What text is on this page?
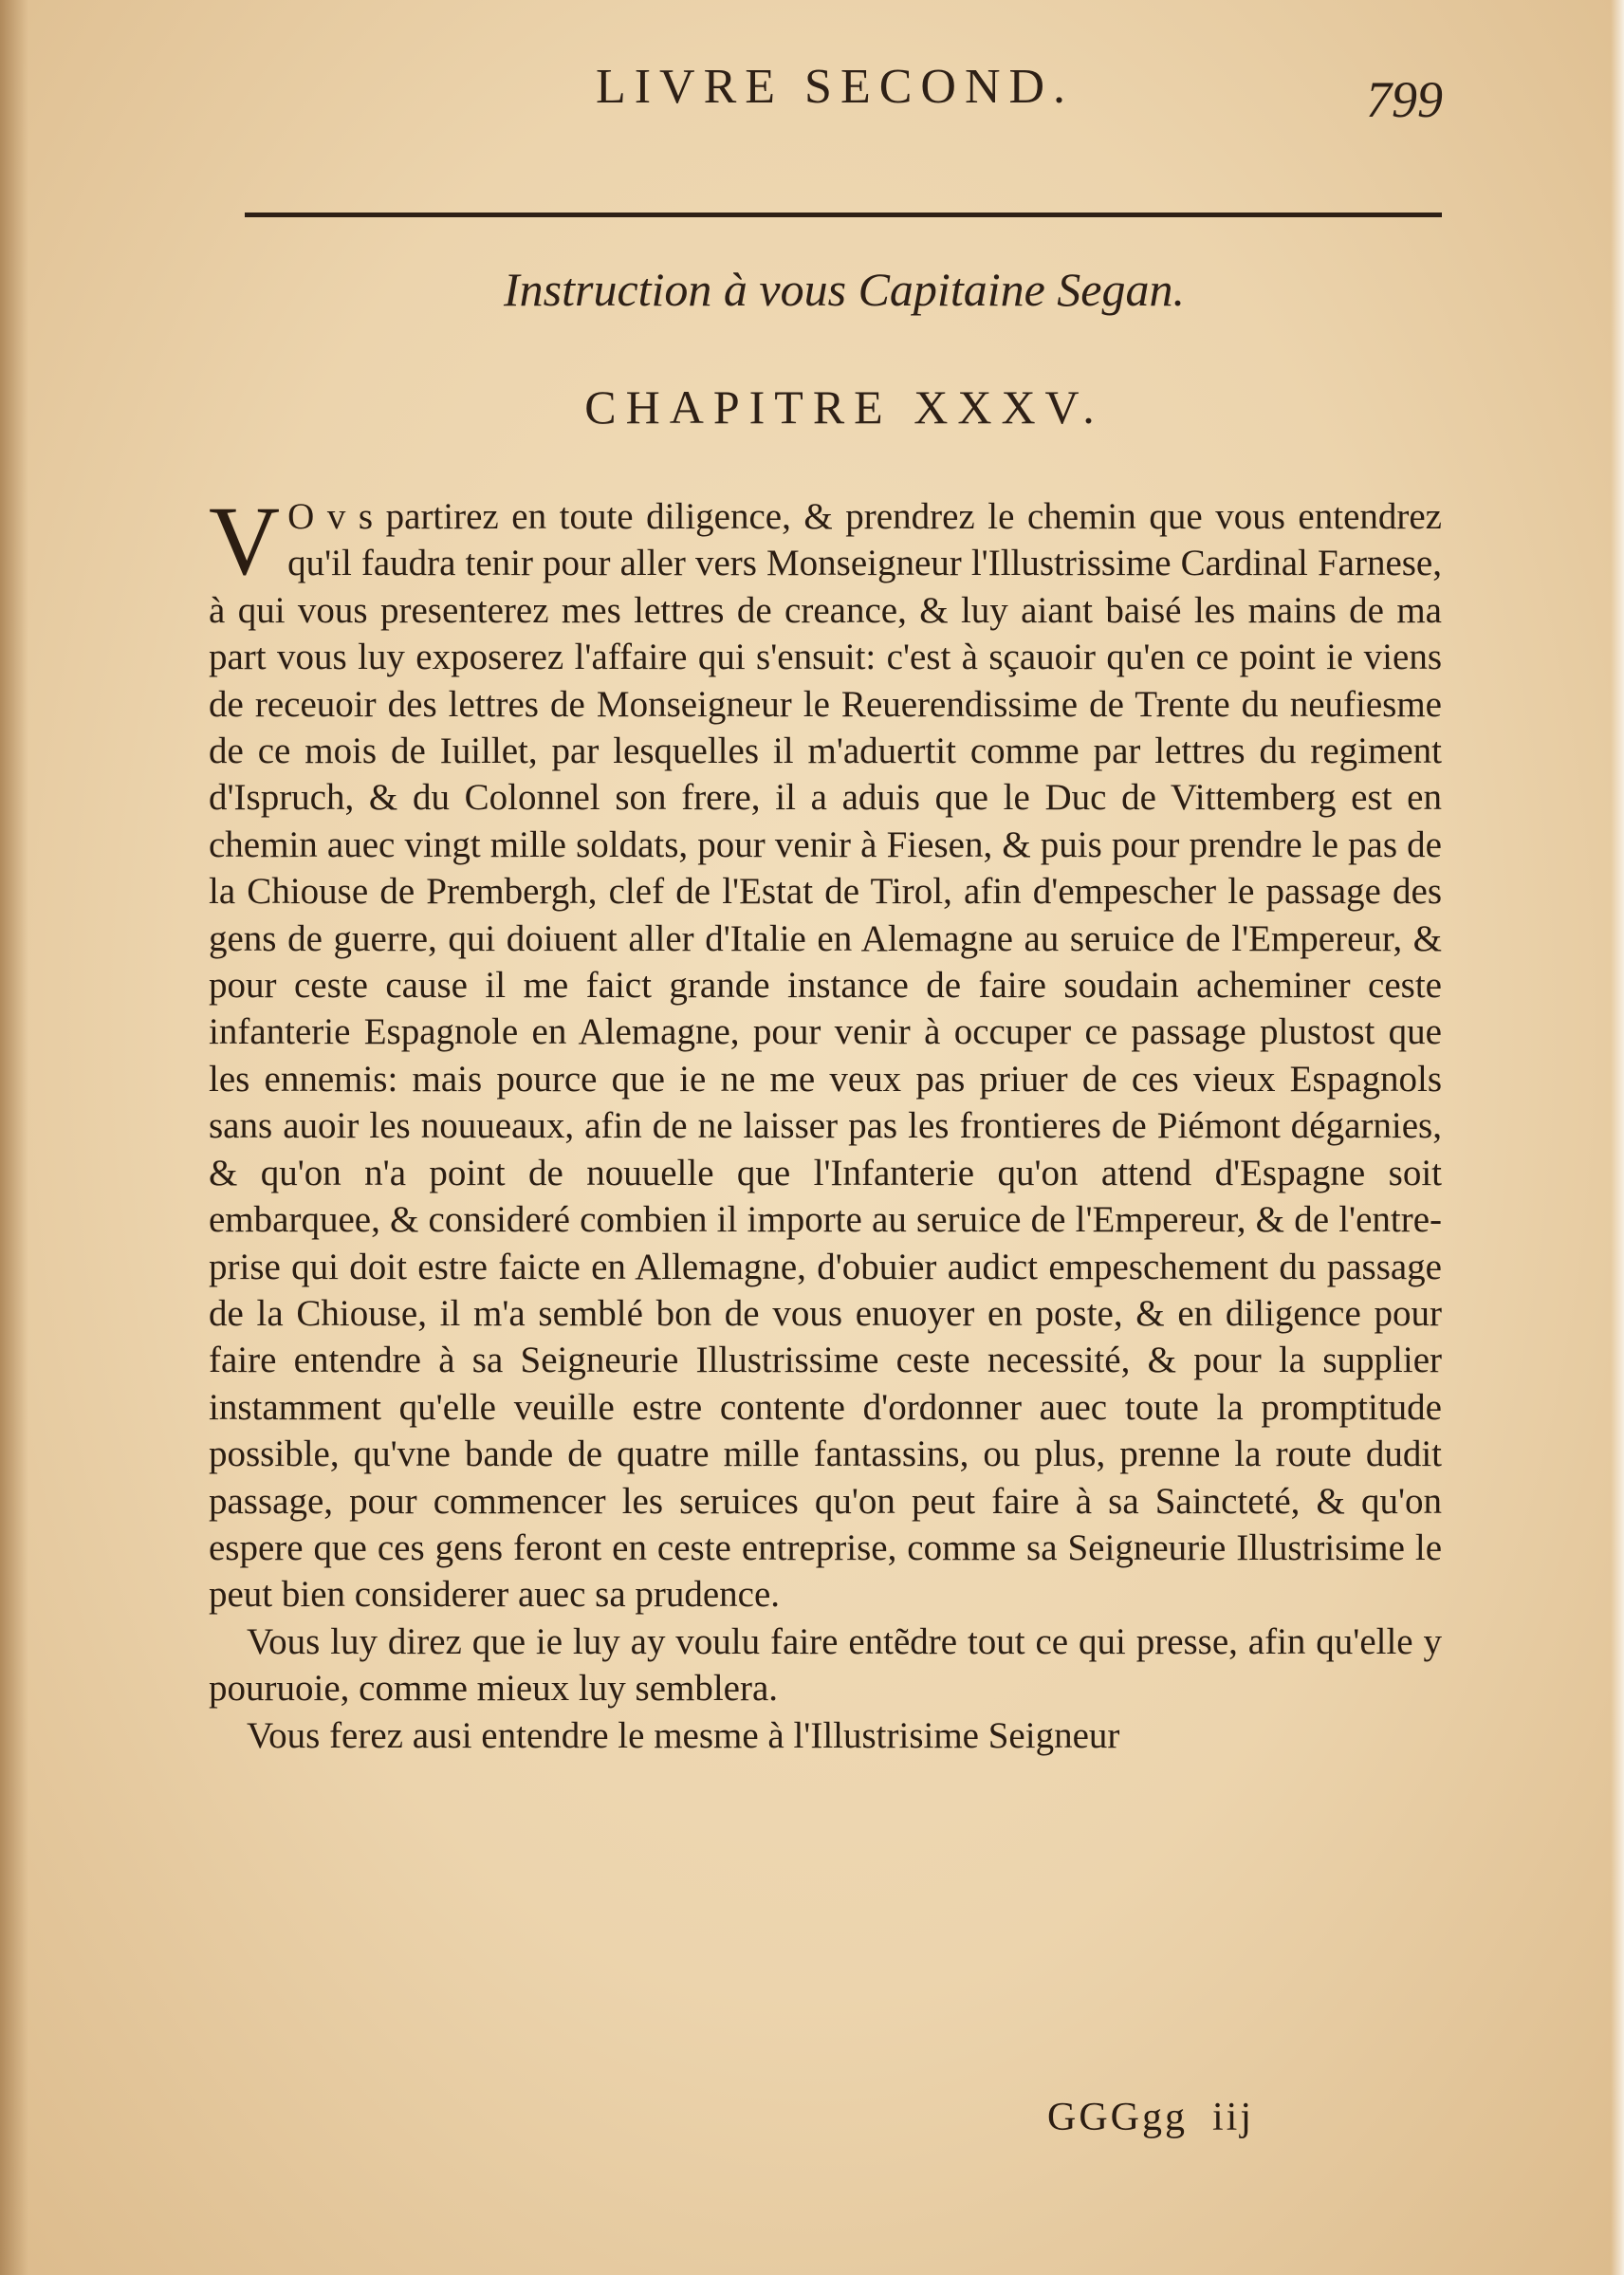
LIVRE SECOND.	799
Instruction à vous Capitaine Segan.
CHAPITRE XXXV.

V O v s partirez en toute diligence, & prendrez le chemin que vous entendrez qu'il faudra tenir pour aller vers Monseigneur l'Illustrissime Cardinal Farnese, à qui vous presenterez mes lettres de creance, & luy aiant baisé les mains de ma part vous luy exposerez l'affaire qui s'ensuit: c'est à sçauoir qu'en ce point ie viens de receuoir des lettres de Monseigneur le Reuerendissime de Trente du neufiesme de ce mois de Iuillet, par lesquelles il m'aduertit comme par lettres du regiment d'Ispruch, & du Colonnel son frere, il a aduis que le Duc de Vittemberg est en chemin auec vingt mille soldats, pour venir à Fiesen, & puis pour prendre le pas de la Chiouse de Prembergh, clef de l'Estat de Tirol, afin d'empescher le passage des gens de guerre, qui doiuent aller d'Italie en Alemagne au seruice de l'Empereur, & pour ceste cause il me faict grande instance de faire soudain acheminer ceste infanterie Espagnole en Alemagne, pour venir à occuper ce passage plustost que les ennemis: mais pource que ie ne me veux pas priuer de ces vieux Espagnols sans auoir les nouueaux, afin de ne laisser pas les frontieres de Piémont dégarnies, & qu'on n'a point de nouuelle que l'Infanterie qu'on attend d'Espagne soit embarquee, & consideré combien il importe au seruice de l'Empereur, & de l'entre-prise qui doit estre faicte en Allemagne, d'obuier audict empeschement du passage de la Chiouse, il m'a semblé bon de vous enuoyer en poste, & en diligence pour faire entendre à sa Seigneurie Illustrissime ceste necessité, & pour la supplier instamment qu'elle veuille estre contente d'ordonner auec toute la promptitude possible, qu'vne bande de quatre mille fantassins, ou plus, prenne la route dudit passage, pour commencer les seruices qu'on peut faire à sa Saincteté, & qu'on espere que ces gens feront en ceste entreprise, comme sa Seigneurie Illustrisime le peut bien considerer auec sa prudence.

Vous luy direz que ie luy ay voulu faire entẽdre tout ce qui presse, afin qu'elle y pouruoie, comme mieux luy semblera.

Vous ferez ausi entendre le mesme à l'Illustrisime Seigneur

GGGgg iij
